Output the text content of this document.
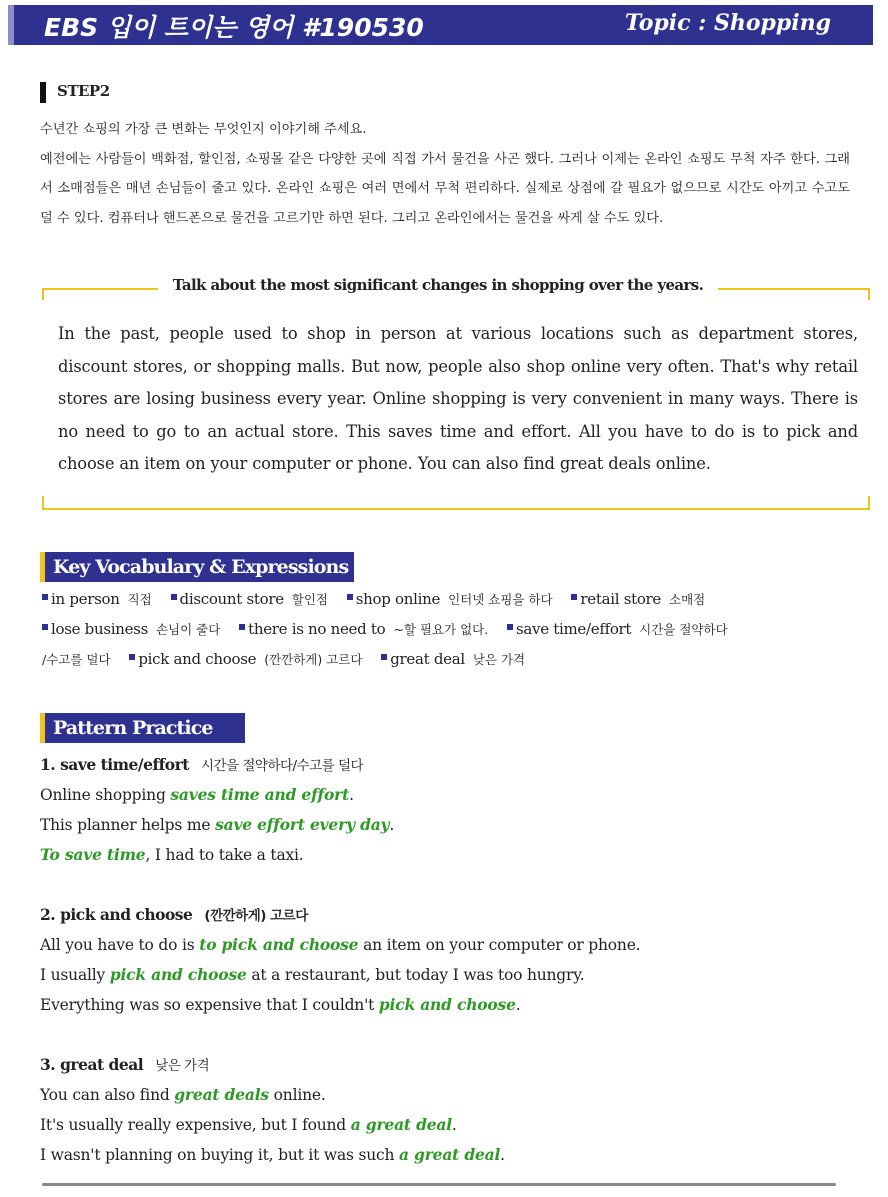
EBS 입이 트이는 영어 #190530	Topic : Shopping
STEP2

수년간 쇼핑의 가장 큰 변화는 무엇인지 이야기해 주세요.

예전에는 사람들이 백화점, 할인점, 쇼핑몰 같은 다양한 곳에 직접 가서 물건을 사곤 했다. 그러나 이제는 온라인 쇼핑도 무척 자주 한다. 그래서 소매점들은 매년 손님들이 줄고 있다. 온라인 쇼핑은 여러 면에서 무척 편리하다. 실제로 상점에 갈 필요가 없으므로 시간도 아끼고 수고도 덜 수 있다. 컴퓨터나 핸드폰으로 물건을 고르기만 하면 된다. 그리고 온라인에서는 물건을 싸게 살 수도 있다.

Talk about the most significant changes in shopping over the years.
In the past, people used to shop in person at various locations such as department stores, discount stores, or shopping malls. But now, people also shop online very often. That's why retail stores are losing business every year. Online shopping is very convenient in many ways. There is no need to go to an actual store. This saves time and effort. All you have to do is to pick and choose an item on your computer or phone. You can also find great deals online.
Key Vocabulary & Expressions
in person 직접 discount store 할인점 shop online 인터넷 쇼핑을 하다 retail store 소매점
lose business 손님이 줄다 there is no need to ~할 필요가 없다. save time/effort 시간을 절약하다
/수고를 덜다 pick and choose (깐깐하게) 고르다 great deal 낮은 가격
Pattern Practice
1. save time/effort 시간을 절약하다/수고를 덜다
Online shopping saves time and effort.
This planner helps me save effort every day.
To save time, I had to take a taxi.
2. pick and choose (깐깐하게) 고르다
All you have to do is to pick and choose an item on your computer or phone.
I usually pick and choose at a restaurant, but today I was too hungry.
Everything was so expensive that I couldn't pick and choose.
3. great deal 낮은 가격
You can also find great deals online.
It's usually really expensive, but I found a great deal.
I wasn't planning on buying it, but it was such a great deal.
